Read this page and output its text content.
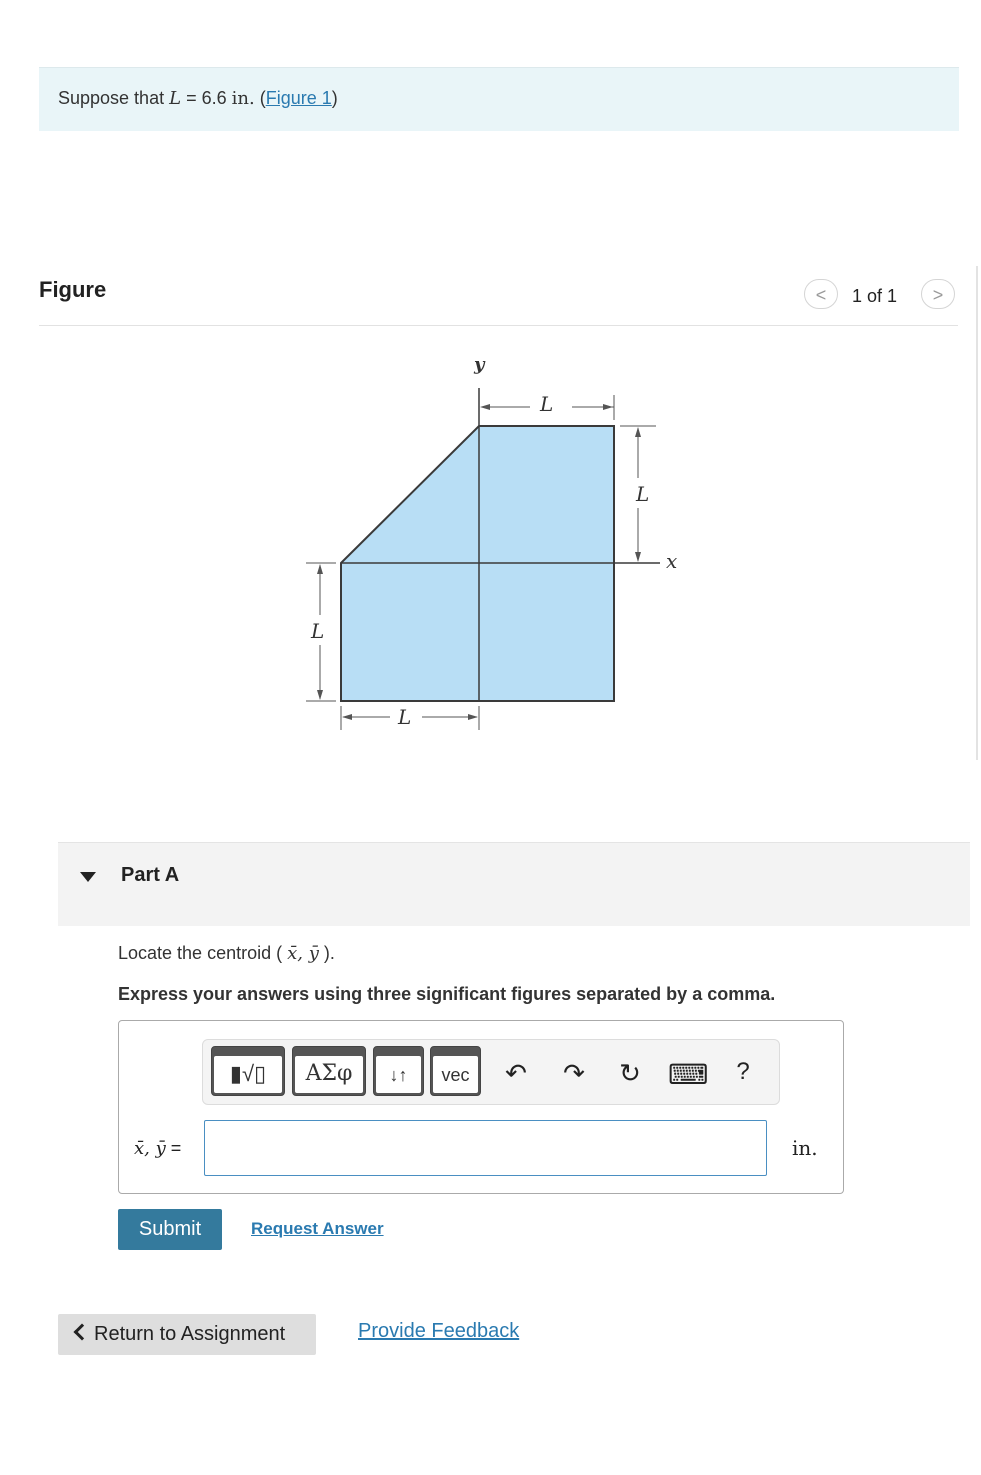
Suppose that L = 6.6 in. (Figure 1)
Figure	<	1 of 1	>
y
x
L
L
L
L
Part A
Locate the centroid ( x̄, ȳ ).
Express your answers using three significant figures separated by a comma.
▮√▯	ΑΣφ	↓↑	vec	↶ ↷ ↻ ⌨	?
x̄, ȳ =	in.
Submit	Request Answer
Return to Assignment	Provide Feedback
